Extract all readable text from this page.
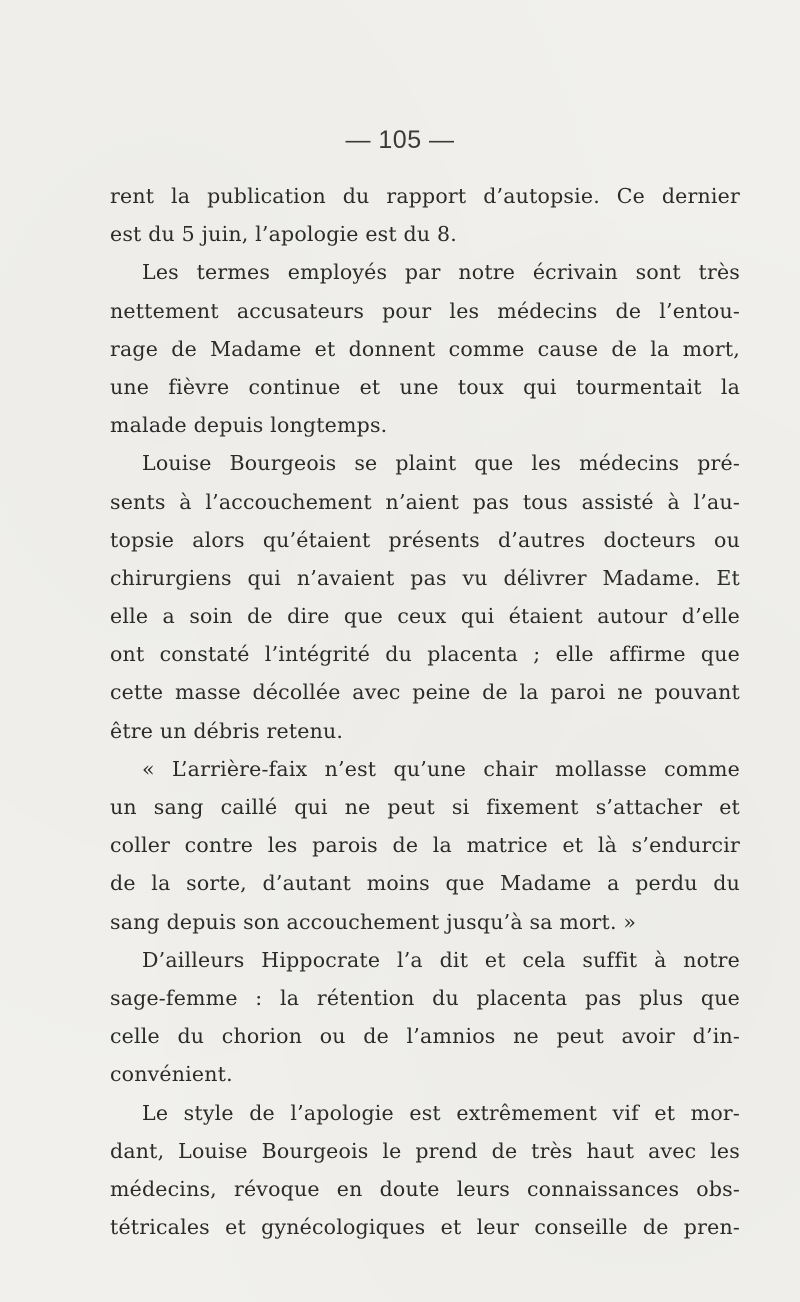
— 105 —
rent la publication du rapport d’autopsie. Ce dernier
est du 5 juin, l’apologie est du 8.
Les termes employés par notre écrivain sont très
nettement accusateurs pour les médecins de l’entou-
rage de Madame et donnent comme cause de la mort,
une fièvre continue et une toux qui tourmentait la
malade depuis longtemps.
Louise Bourgeois se plaint que les médecins pré-
sents à l’accouchement n’aient pas tous assisté à l’au-
topsie alors qu’étaient présents d’autres docteurs ou
chirurgiens qui n’avaient pas vu délivrer Madame. Et
elle a soin de dire que ceux qui étaient autour d’elle
ont constaté l’intégrité du placenta ; elle affirme que
cette masse décollée avec peine de la paroi ne pouvant
être un débris retenu.
« L’arrière-faix n’est qu’une chair mollasse comme
un sang caillé qui ne peut si fixement s’attacher et
coller contre les parois de la matrice et là s’endurcir
de la sorte, d’autant moins que Madame a perdu du
sang depuis son accouchement jusqu’à sa mort. »
D’ailleurs Hippocrate l’a dit et cela suffit à notre
sage-femme : la rétention du placenta pas plus que
celle du chorion ou de l’amnios ne peut avoir d’in-
convénient.
Le style de l’apologie est extrêmement vif et mor-
dant, Louise Bourgeois le prend de très haut avec les
médecins, révoque en doute leurs connaissances obs-
tétricales et gynécologiques et leur conseille de pren-
